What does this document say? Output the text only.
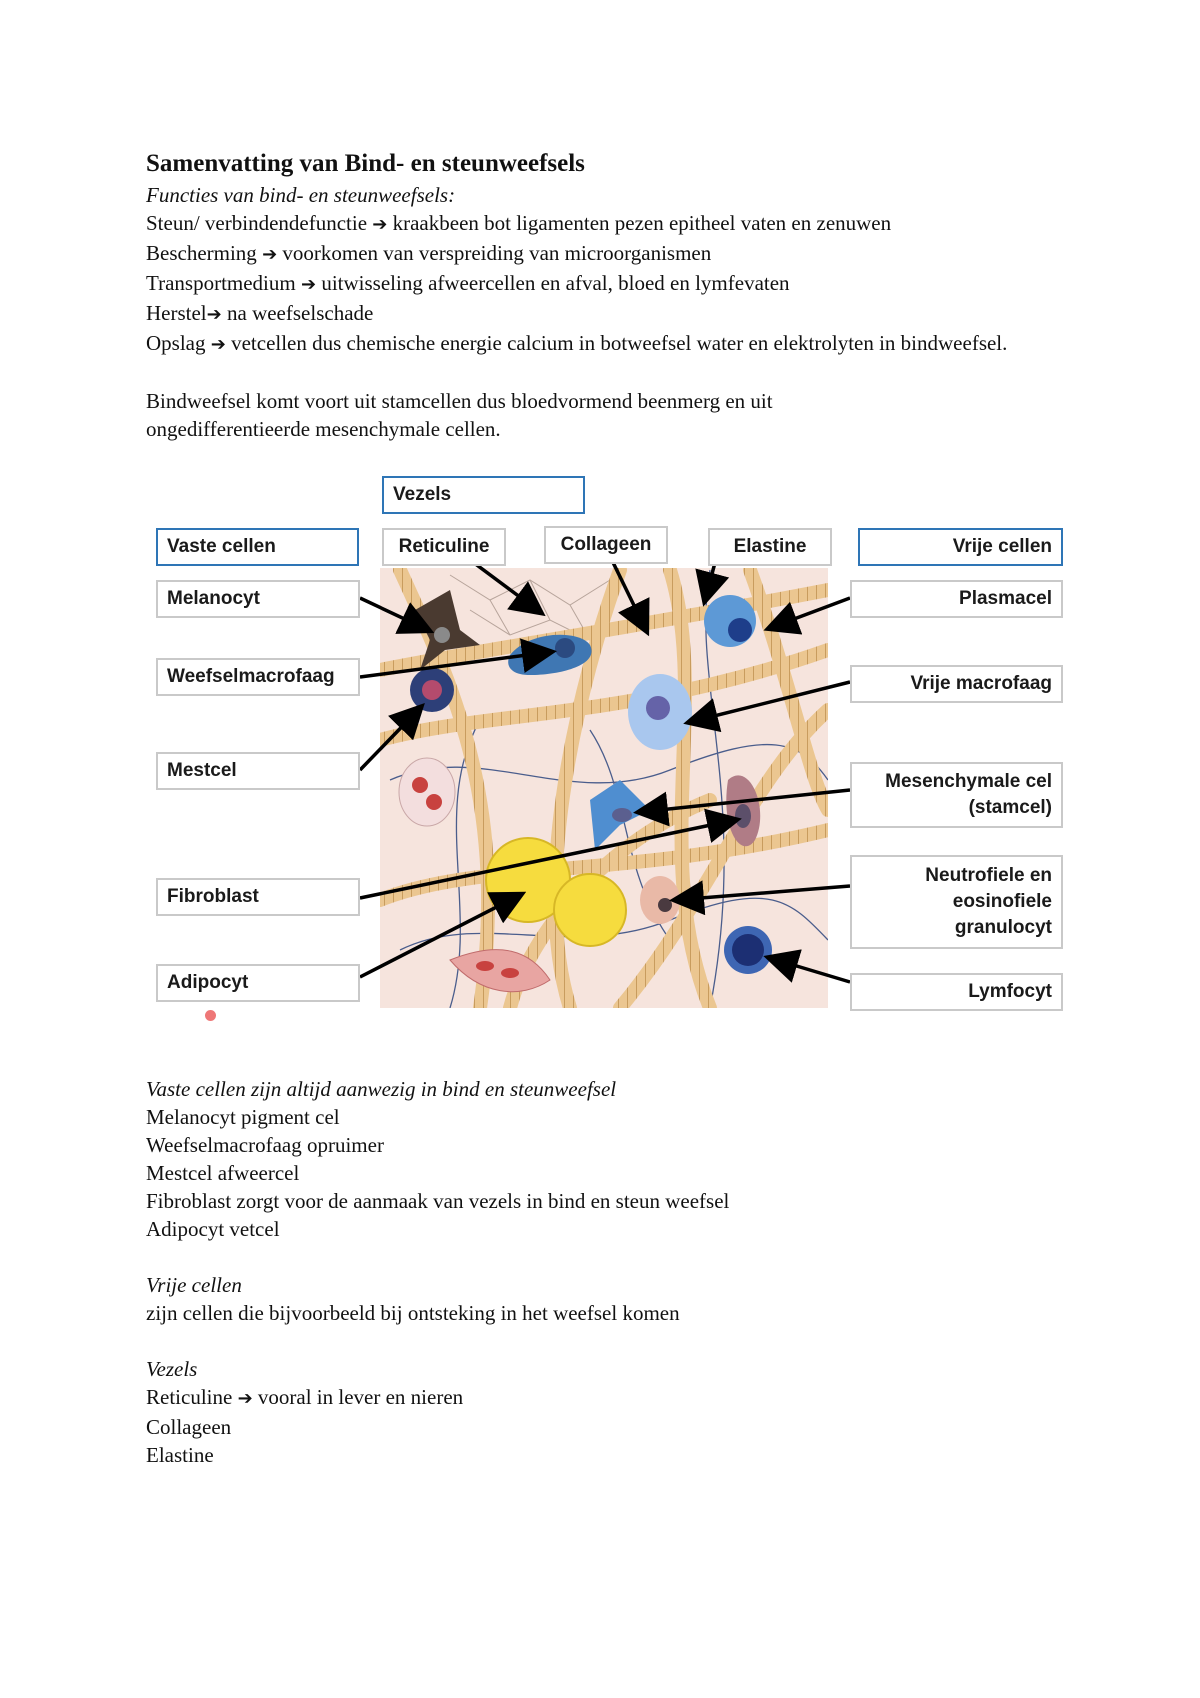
Samenvatting van Bind- en steunweefsels

Functies van bind- en steunweefsels:

Steun/ verbindendefunctie ➔ kraakbeen bot ligamenten pezen epitheel vaten en zenuwen

Bescherming ➔ voorkomen van verspreiding van microorganismen

Transportmedium ➔ uitwisseling afweercellen en afval, bloed en lymfevaten

Herstel➔ na weefselschade

Opslag ➔ vetcellen dus chemische energie calcium in botweefsel water en elektrolyten in bindweefsel.

Bindweefsel komt voort uit stamcellen dus bloedvormend beenmerg en uit

ongedifferentieerde mesenchymale cellen.

Vezels
Vaste cellen	Vrije cellen
Reticuline	Collageen	Elastine
Melanocyt
Weefselmacrofaag
Mestcel
Fibroblast
Adipocyt
Plasmacel
Vrije macrofaag
Mesenchymale cel
(stamcel)
Neutrofiele en
eosinofiele
granulocyt
Lymfocyt

Vaste cellen zijn altijd aanwezig in bind en steunweefsel

Melanocyt pigment cel

Weefselmacrofaag opruimer

Mestcel afweercel

Fibroblast zorgt voor de aanmaak van vezels in bind en steun weefsel

Adipocyt vetcel

Vrije cellen

zijn cellen die bijvoorbeeld bij ontsteking in het weefsel komen

Vezels

Reticuline ➔ vooral in lever en nieren

Collageen

Elastine
